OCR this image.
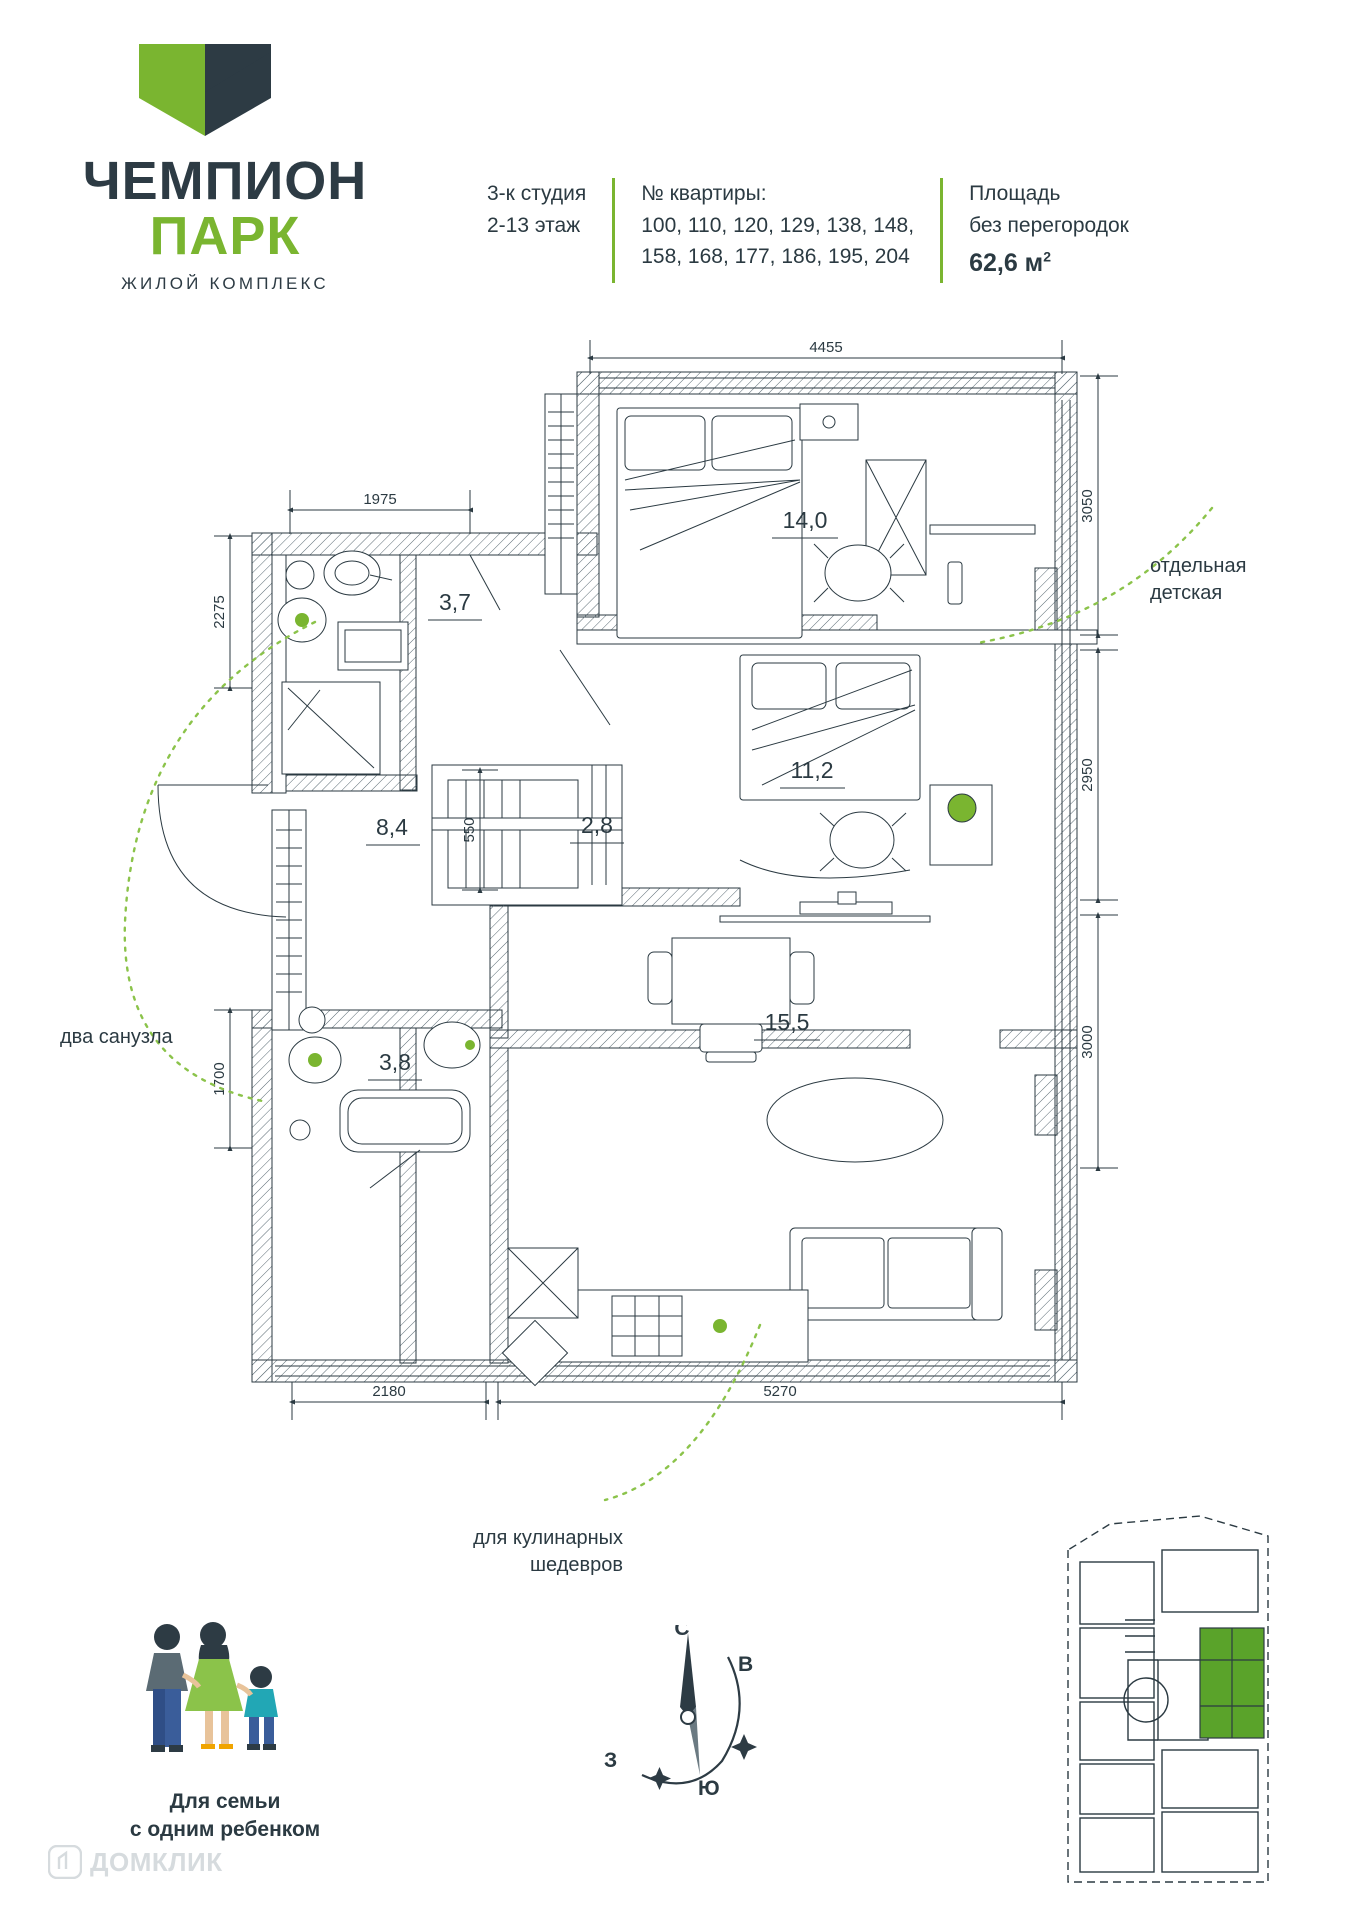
ЧЕМПИОН
ПАРК
ЖИЛОЙ КОМПЛЕКС
3-к студия
2-13 этаж
№ квартиры:
100, 110, 120, 129, 138, 148,
158, 168, 177, 186, 195, 204
Площадь
без перегородок
62,6 $м^2$
14,0
3,7
11,2
8,4	2,8
3,8
15,5
4455
1975
2275
3050
2950
3000
550
1700
2180	5270
отдельная
детская
два санузла
для кулинарных
шедевров
Для семьи
с одним ребенком
С
З
В
Ю
ДОМКЛИК
